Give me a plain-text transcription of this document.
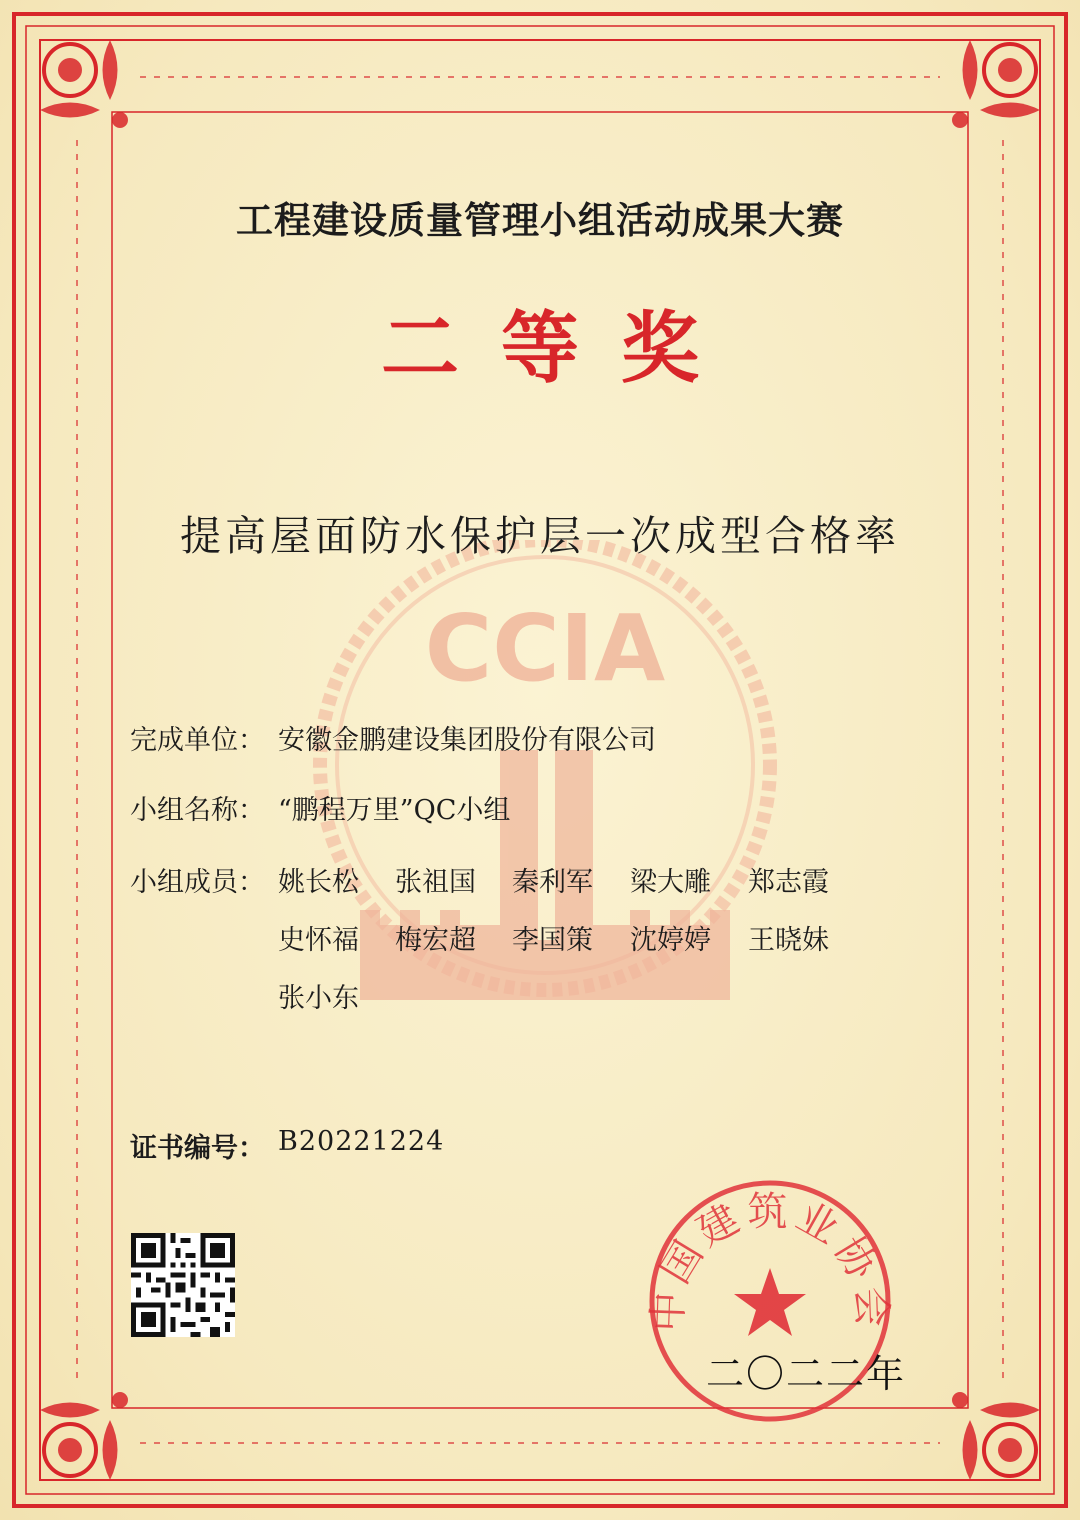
CCIA
工程建设质量管理小组活动成果大赛
二等奖
提高屋面防水保护层一次成型合格率
完成单位： 安徽金鹏建设集团股份有限公司
小组名称： “鹏程万里”QC小组
小组成员： 姚长松	张祖国	秦利军	梁大雕	郑志霞
史怀福	梅宏超	李国策	沈婷婷	王晓妹
张小东
证书编号： B20221224
中国建筑业协会
二〇二二年
